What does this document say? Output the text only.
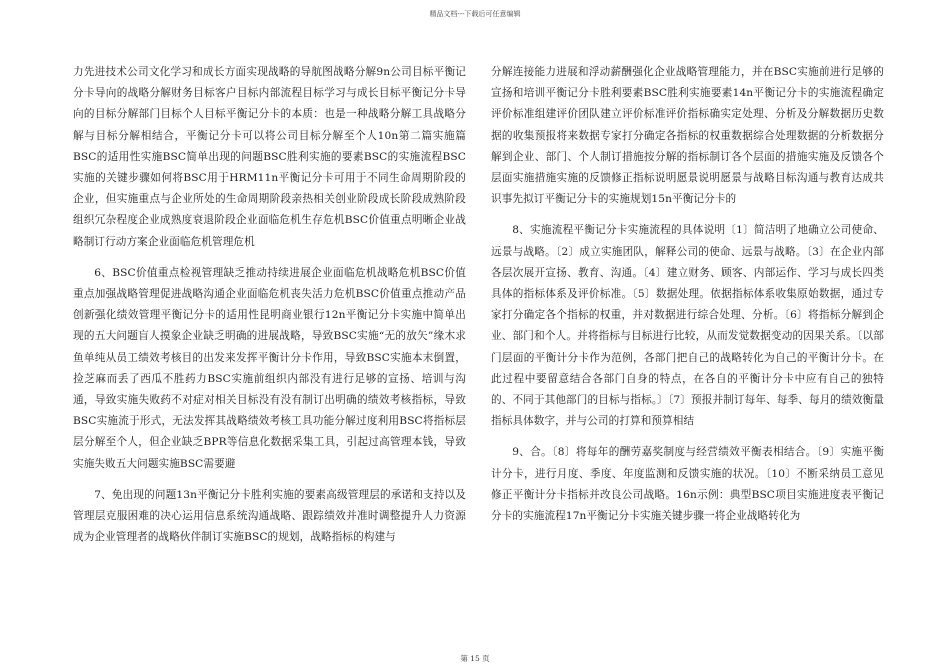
精品文档---下载后可任意编辑

力先进技术公司文化学习和成长方面实现战略的导航图战略分解9n公司目标平衡记分卡导向的战略分解财务目标客户目标内部流程目标学习与成长目标平衡记分卡导向的目标分解部门目标个人目标平衡记分卡的本质：也是一种战略分解工具战略分解与目标分解相结合，平衡记分卡可以将公司目标分解至个人10n第二篇实施篇BSC的适用性实施BSC简单出现的问题BSC胜利实施的要素BSC的实施流程BSC实施的关键步骤如何将BSC用于HRM11n平衡记分卡可用于不同生命周期阶段的企业，但实施重点与企业所处的生命周期阶段亲热相关创业阶段成长阶段成熟阶段组织冗杂程度企业成熟度衰退阶段企业面临危机生存危机BSC价值重点明晰企业战略制订行动方案企业面临危机管理危机

6、BSC价值重点检视管理缺乏推动持续进展企业面临危机战略危机BSC价值重点加强战略管理促进战略沟通企业面临危机丧失活力危机BSC价值重点推动产品创新强化绩效管理平衡记分卡的适用性昆明商业银行12n平衡记分卡实施中简单出现的五大问题盲人摸象企业缺乏明确的进展战略，导致BSC实施“无的放矢”缘木求鱼单纯从员工绩效考核目的出发来发挥平衡计分卡作用，导致BSC实施本末倒置，捡芝麻而丢了西瓜不胜药力BSC实施前组织内部没有进行足够的宣扬、培训与沟通，导致实施失败药不对症对相关目标没有没有制订出明确的绩效考核指标，导致BSC实施流于形式，无法发挥其战略绩效考核工具功能分解过度利用BSC将指标层层分解至个人，但企业缺乏BPR等信息化数据采集工具，引起过高管理本钱，导致实施失败五大问题实施BSC需要避

7、免出现的问题13n平衡记分卡胜利实施的要素高级管理层的承诺和支持以及管理层克服困难的决心运用信息系统沟通战略、跟踪绩效并准时调整提升人力资源成为企业管理者的战略伙伴制订实施BSC的规划，战略指标的构建与

分解连接能力进展和浮动薪酬强化企业战略管理能力，并在BSC实施前进行足够的宣扬和培训平衡记分卡胜利要素BSC胜利实施要素14n平衡记分卡的实施流程确定评价标准组建评价团队建立评价标准评价指标确实定处理、分析及分解数据历史数据的收集预报将来数据专家打分确定各指标的权重数据综合处理数据的分析数据分解到企业、部门、个人制订措施按分解的指标制订各个层面的措施实施及反馈各个层面实施措施实施的反馈修正指标说明愿景说明愿景与战略目标沟通与教育达成共识事先拟订平衡记分卡的实施规划15n平衡记分卡的

8、实施流程平衡记分卡实施流程的具体说明〔1〕简洁明了地确立公司使命、远景与战略。〔2〕成立实施团队，解释公司的使命、远景与战略。〔3〕在企业内部各层次展开宣扬、教育、沟通。〔4〕建立财务、顾客、内部运作、学习与成长四类具体的指标体系及评价标准。〔5〕数据处理。依据指标体系收集原始数据，通过专家打分确定各个指标的权重，并对数据进行综合处理、分析。〔6〕将指标分解到企业、部门和个人。并将指标与目标进行比较，从而发觉数据变动的因果关系。〔以部门层面的平衡计分卡作为范例，各部门把自己的战略转化为自己的平衡计分卡。在此过程中要留意结合各部门自身的特点，在各自的平衡计分卡中应有自己的独特的、不同于其他部门的目标与指标。〕〔7〕预报并制订每年、每季、每月的绩效衡量指标具体数字，并与公司的打算和预算相结

9、合。〔8〕将每年的酬劳嘉奖制度与经营绩效平衡表相结合。〔9〕实施平衡计分卡，进行月度、季度、年度监测和反馈实施的状况。〔10〕不断采纳员工意见修正平衡计分卡指标并改良公司战略。16n示例：典型BSC项目实施进度表平衡记分卡的实施流程17n平衡记分卡实施关键步骤一将企业战略转化为

第 15 页
